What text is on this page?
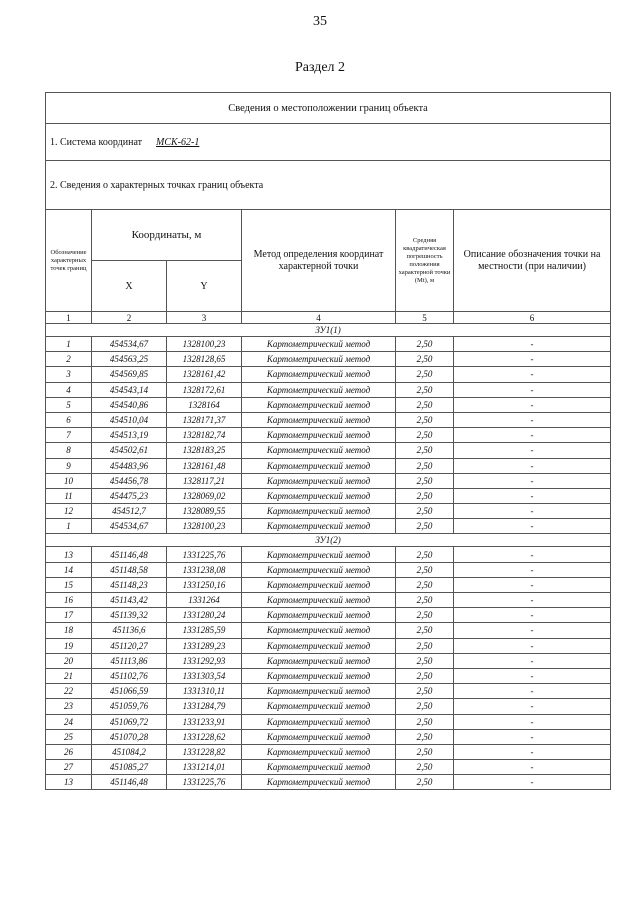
35
Раздел 2
Сведения о местоположении границ объекта					
1. Система координат МСК-62-1					
2. Сведения о характерных точках границ объекта					
Обозначение характерных точек границ	Координаты, м		Метод определения координат характерной точки	Средняя квадратическая погрешность положения характерной точки (Мt), м	Описание обозначения точки на местности (при наличии)
	X	Y			
1	2	3	4	5	6
ЗУ1(1)					
1	454534,67	1328100,23	Картометрический метод	2,50	-
2	454563,25	1328128,65	Картометрический метод	2,50	-
3	454569,85	1328161,42	Картометрический метод	2,50	-
4	454543,14	1328172,61	Картометрический метод	2,50	-
5	454540,86	1328164	Картометрический метод	2,50	-
6	454510,04	1328171,37	Картометрический метод	2,50	-
7	454513,19	1328182,74	Картометрический метод	2,50	-
8	454502,61	1328183,25	Картометрический метод	2,50	-
9	454483,96	1328161,48	Картометрический метод	2,50	-
10	454456,78	1328117,21	Картометрический метод	2,50	-
11	454475,23	1328069,02	Картометрический метод	2,50	-
12	454512,7	1328089,55	Картометрический метод	2,50	-
1	454534,67	1328100,23	Картометрический метод	2,50	-
ЗУ1(2)					
13	451146,48	1331225,76	Картометрический метод	2,50	-
14	451148,58	1331238,08	Картометрический метод	2,50	-
15	451148,23	1331250,16	Картометрический метод	2,50	-
16	451143,42	1331264	Картометрический метод	2,50	-
17	451139,32	1331280,24	Картометрический метод	2,50	-
18	451136,6	1331285,59	Картометрический метод	2,50	-
19	451120,27	1331289,23	Картометрический метод	2,50	-
20	451113,86	1331292,93	Картометрический метод	2,50	-
21	451102,76	1331303,54	Картометрический метод	2,50	-
22	451066,59	1331310,11	Картометрический метод	2,50	-
23	451059,76	1331284,79	Картометрический метод	2,50	-
24	451069,72	1331233,91	Картометрический метод	2,50	-
25	451070,28	1331228,62	Картометрический метод	2,50	-
26	451084,2	1331228,82	Картометрический метод	2,50	-
27	451085,27	1331214,01	Картометрический метод	2,50	-
13	451146,48	1331225,76	Картометрический метод	2,50	-
